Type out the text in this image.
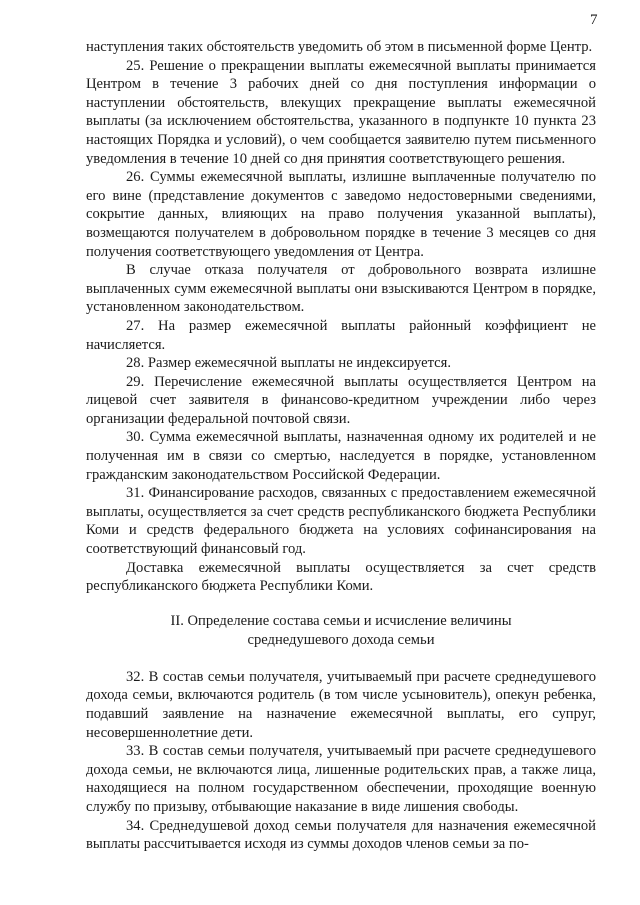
7

наступления таких обстоятельств уведомить об этом в письменной форме Центр.

25. Решение о прекращении выплаты ежемесячной выплаты принимается Центром в течение 3 рабочих дней со дня поступления информации о наступлении обстоятельств, влекущих прекращение выплаты ежемесячной выплаты (за исключением обстоятельства, указанного в подпункте 10 пункта 23 настоящих Порядка и условий), о чем сообщается заявителю путем письменного уведомления в течение 10 дней со дня принятия соответствующего решения.

26. Суммы ежемесячной выплаты, излишне выплаченные получателю по его вине (представление документов с заведомо недостоверными сведениями, сокрытие данных, влияющих на право получения указанной выплаты), возмещаются получателем в добровольном порядке в течение 3 месяцев со дня получения соответствующего уведомления от Центра.

В случае отказа получателя от добровольного возврата излишне выплаченных сумм ежемесячной выплаты они взыскиваются Центром в порядке, установленном законодательством.

27. На размер ежемесячной выплаты районный коэффициент не начисляется.

28. Размер ежемесячной выплаты не индексируется.

29. Перечисление ежемесячной выплаты осуществляется Центром на лицевой счет заявителя в финансово-кредитном учреждении либо через организации федеральной почтовой связи.

30. Сумма ежемесячной выплаты, назначенная одному их родителей и не полученная им в связи со смертью, наследуется в порядке, установленном гражданским законодательством Российской Федерации.

31. Финансирование расходов, связанных с предоставлением ежемесячной выплаты, осуществляется за счет средств республиканского бюджета Республики Коми и средств федерального бюджета на условиях софинансирования на соответствующий финансовый год.

Доставка ежемесячной выплаты осуществляется за счет средств республиканского бюджета Республики Коми.

II. Определение состава семьи и исчисление величины
среднедушевого дохода семьи

32. В состав семьи получателя, учитываемый при расчете среднедушевого дохода семьи, включаются родитель (в том числе усыновитель), опекун ребенка, подавший заявление на назначение ежемесячной выплаты, его супруг, несовершеннолетние дети.

33. В состав семьи получателя, учитываемый при расчете среднедушевого дохода семьи, не включаются лица, лишенные родительских прав, а также лица, находящиеся на полном государственном обеспечении, проходящие военную службу по призыву, отбывающие наказание в виде лишения свободы.

34. Среднедушевой доход семьи получателя для назначения ежемесячной выплаты рассчитывается исходя из суммы доходов членов семьи за по-
